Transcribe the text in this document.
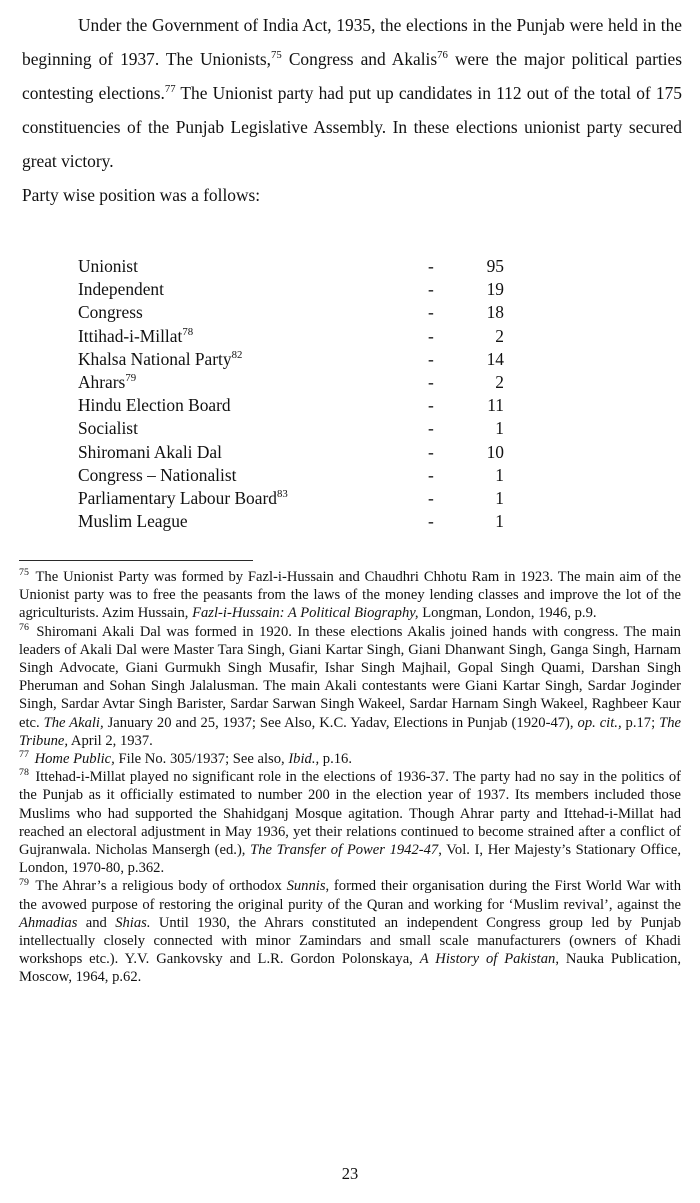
Under the Government of India Act, 1935, the elections in the Punjab were held in the beginning of 1937. The Unionists,$^{75}$ Congress and Akalis$^{76}$ were the major political parties contesting elections.$^{77}$ The Unionist party had put up candidates in 112 out of the total of 175 constituencies of the Punjab Legislative Assembly. In these elections unionist party secured great victory.

Party wise position was a follows:

Unionist	-	95
Independent	-	19
Congress	-	18
Ittihad-i-Millat$^{78}$	-	2
Khalsa National Party$^{82}$	-	14
Ahrars$^{79}$	-	2
Hindu Election Board	-	11
Socialist	-	1
Shiromani Akali Dal	-	10
Congress – Nationalist	-	1
Parliamentary Labour Board$^{83}$	-	1
Muslim League	-	1

$^{75}$ The Unionist Party was formed by Fazl-i-Hussain and Chaudhri Chhotu Ram in 1923. The main aim of the Unionist party was to free the peasants from the laws of the money lending classes and improve the lot of the agriculturists. Azim Hussain, Fazl-i-Hussain: A Political Biography, Longman, London, 1946, p.9.

$^{76}$ Shiromani Akali Dal was formed in 1920. In these elections Akalis joined hands with congress. The main leaders of Akali Dal were Master Tara Singh, Giani Kartar Singh, Giani Dhanwant Singh, Ganga Singh, Harnam Singh Advocate, Giani Gurmukh Singh Musafir, Ishar Singh Majhail, Gopal Singh Quami, Darshan Singh Pheruman and Sohan Singh Jalalusman. The main Akali contestants were Giani Kartar Singh, Sardar Joginder Singh, Sardar Avtar Singh Barister, Sardar Sarwan Singh Wakeel, Sardar Harnam Singh Wakeel, Raghbeer Kaur etc. The Akali, January 20 and 25, 1937; See Also, K.C. Yadav, Elections in Punjab (1920-47), op. cit., p.17; The Tribune, April 2, 1937.

$^{77}$ Home Public, File No. 305/1937; See also, Ibid., p.16.

$^{78}$ Ittehad-i-Millat played no significant role in the elections of 1936-37. The party had no say in the politics of the Punjab as it officially estimated to number 200 in the election year of 1937. Its members included those Muslims who had supported the Shahidganj Mosque agitation. Though Ahrar party and Ittehad-i-Millat had reached an electoral adjustment in May 1936, yet their relations continued to become strained after a conflict of Gujranwala. Nicholas Mansergh (ed.), The Transfer of Power 1942-47, Vol. I, Her Majesty’s Stationary Office, London, 1970-80, p.362.

$^{79}$ The Ahrar’s a religious body of orthodox Sunnis, formed their organisation during the First World War with the avowed purpose of restoring the original purity of the Quran and working for ‘Muslim revival’, against the Ahmadias and Shias. Until 1930, the Ahrars constituted an independent Congress group led by Punjab intellectually closely connected with minor Zamindars and small scale manufacturers (owners of Khadi workshops etc.). Y.V. Gankovsky and L.R. Gordon Polonskaya, A History of Pakistan, Nauka Publication, Moscow, 1964, p.62.

23
